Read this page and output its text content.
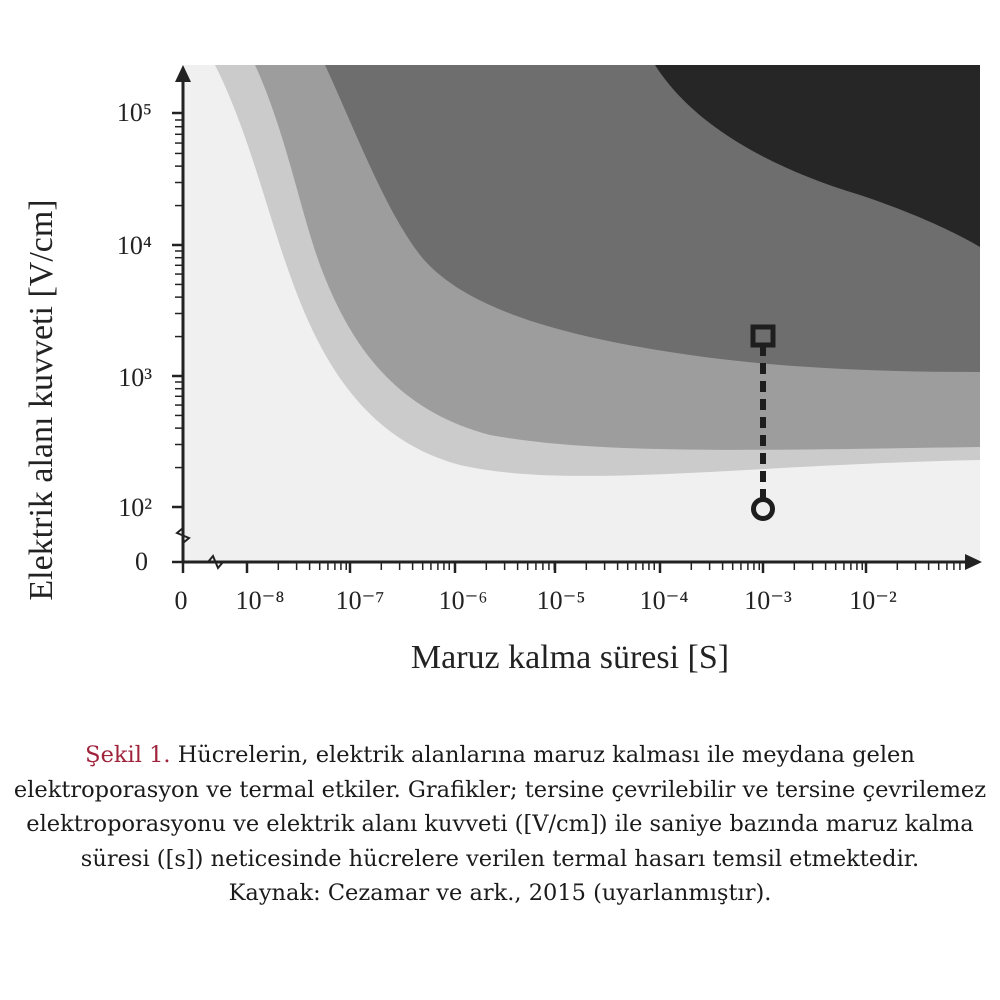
0
10²
10³
10⁴
10⁵
0 10⁻⁸ 10⁻⁷ 10⁻⁶ 10⁻⁵ 10⁻⁴ 10⁻³ 10⁻²
Maruz kalma süresi [S]
Elektrik alanı kuvveti [V/cm]
Şekil 1. Hücrelerin, elektrik alanlarına maruz kalması ile meydana gelen elektroporasyon ve termal etkiler. Grafikler; tersine çevrilebilir ve tersine çevrilemez elektroporasyonu ve elektrik alanı kuvveti ([V/cm]) ile saniye bazında maruz kalma süresi ([s]) neticesinde hücrelere verilen termal hasarı temsil etmektedir.
Kaynak: Cezamar ve ark., 2015 (uyarlanmıştır).
